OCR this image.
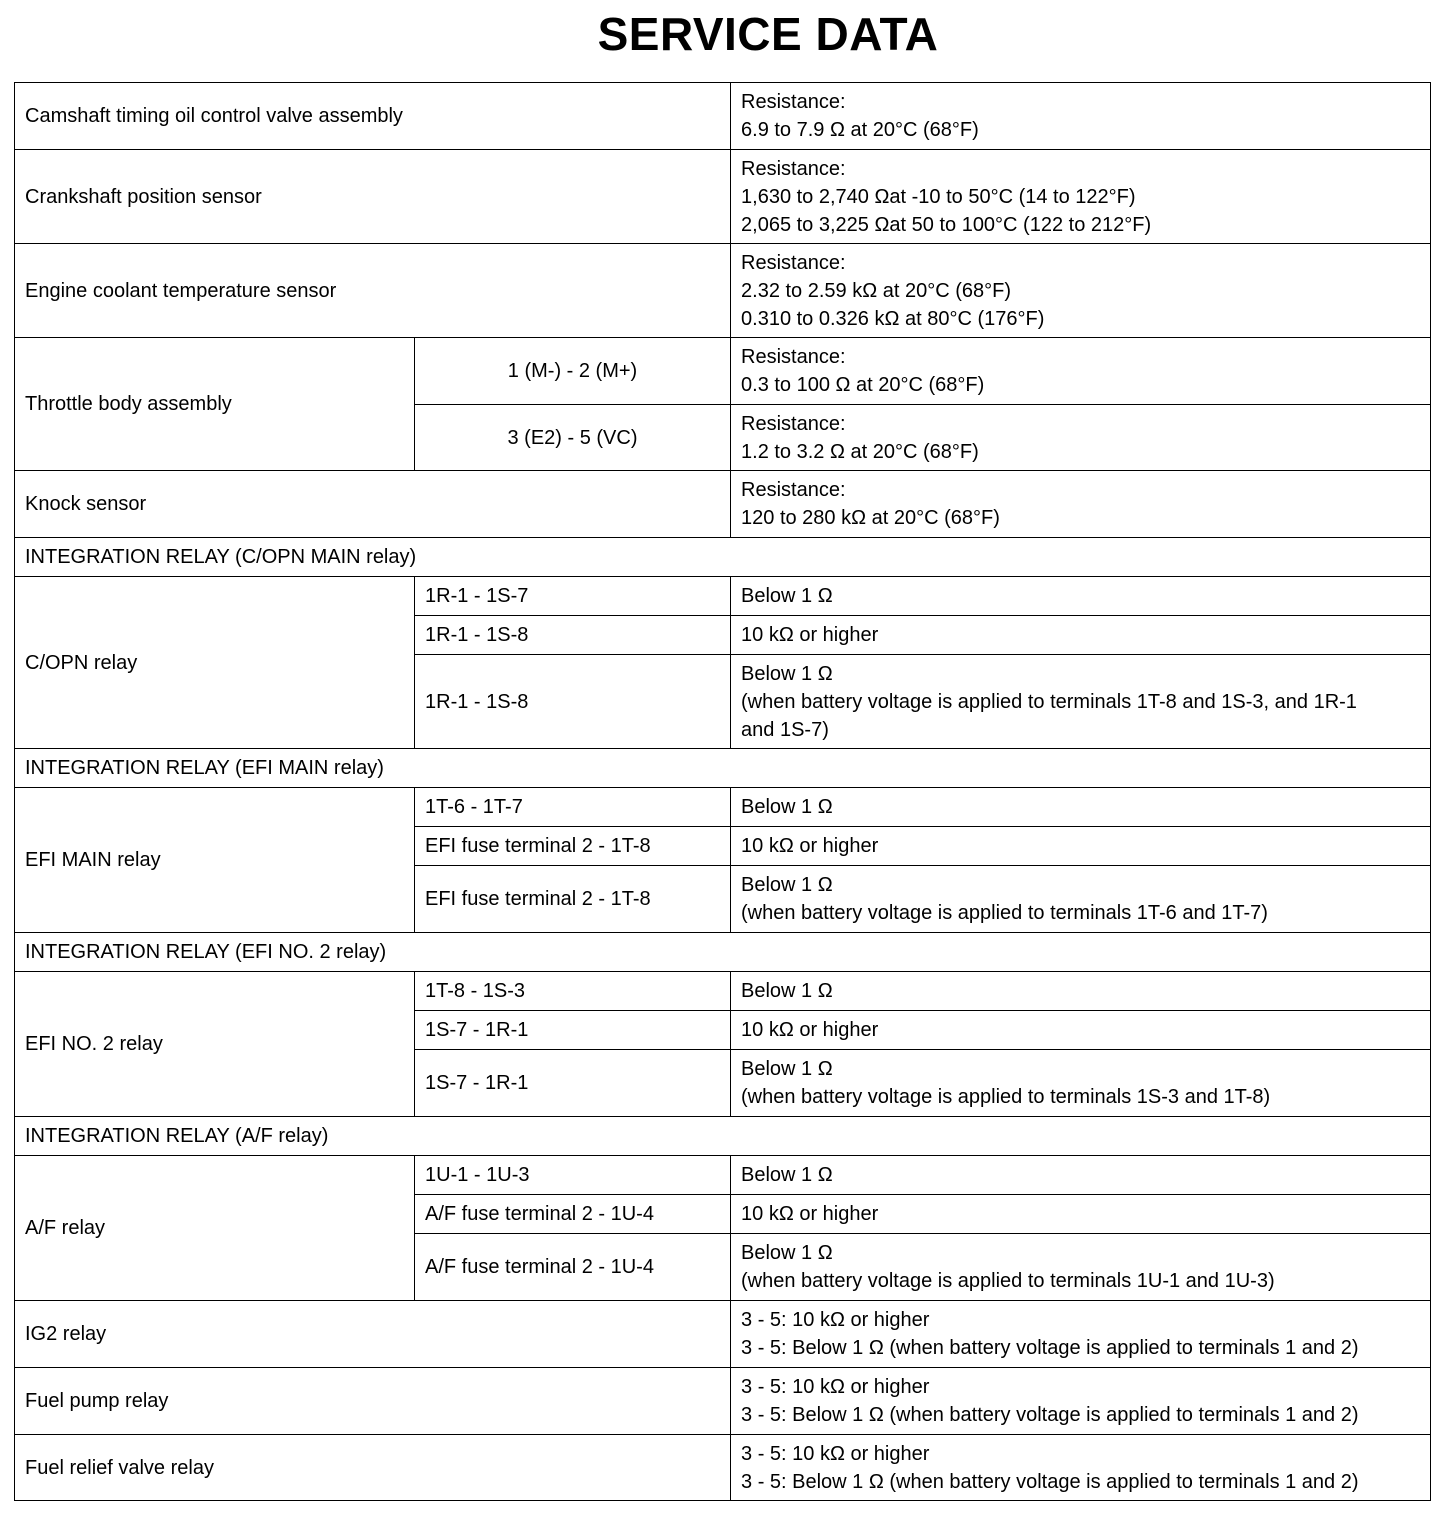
SERVICE DATA
Camshaft timing oil control valve assembly		Resistance:
6.9 to 7.9 Ω at 20°C (68°F)

Crankshaft position sensor		Resistance:
1,630 to 2,740 Ωat -10 to 50°C (14 to 122°F)
2,065 to 3,225 Ωat 50 to 100°C (122 to 212°F)

Engine coolant temperature sensor		Resistance:
2.32 to 2.59 kΩ at 20°C (68°F)
0.310 to 0.326 kΩ at 80°C (176°F)

Throttle body assembly	1 (M-) - 2 (M+)	Resistance:
0.3 to 100 Ω at 20°C (68°F)

	3 (E2) - 5 (VC)	Resistance:
1.2 to 3.2 Ω at 20°C (68°F)

Knock sensor		Resistance:
120 to 280 kΩ at 20°C (68°F)

INTEGRATION RELAY (C/OPN MAIN relay)		
C/OPN relay	1R-1 - 1S-7	Below 1 Ω

	1R-1 - 1S-8	10 kΩ or higher

	1R-1 - 1S-8	Below 1 Ω
(when battery voltage is applied to terminals 1T-8 and 1S-3, and 1R-1
and 1S-7)

INTEGRATION RELAY (EFI MAIN relay)		
EFI MAIN relay	1T-6 - 1T-7	Below 1 Ω

	EFI fuse terminal 2 - 1T-8	10 kΩ or higher

	EFI fuse terminal 2 - 1T-8	Below 1 Ω
(when battery voltage is applied to terminals 1T-6 and 1T-7)

INTEGRATION RELAY (EFI NO. 2 relay)		
EFI NO. 2 relay	1T-8 - 1S-3	Below 1 Ω

	1S-7 - 1R-1	10 kΩ or higher

	1S-7 - 1R-1	Below 1 Ω
(when battery voltage is applied to terminals 1S-3 and 1T-8)

INTEGRATION RELAY (A/F relay)		
A/F relay	1U-1 - 1U-3	Below 1 Ω

	A/F fuse terminal 2 - 1U-4	10 kΩ or higher

	A/F fuse terminal 2 - 1U-4	Below 1 Ω
(when battery voltage is applied to terminals 1U-1 and 1U-3)

IG2 relay		3 - 5: 10 kΩ or higher
3 - 5: Below 1 Ω (when battery voltage is applied to terminals 1 and 2)

Fuel pump relay		3 - 5: 10 kΩ or higher
3 - 5: Below 1 Ω (when battery voltage is applied to terminals 1 and 2)

Fuel relief valve relay		3 - 5: 10 kΩ or higher
3 - 5: Below 1 Ω (when battery voltage is applied to terminals 1 and 2)
